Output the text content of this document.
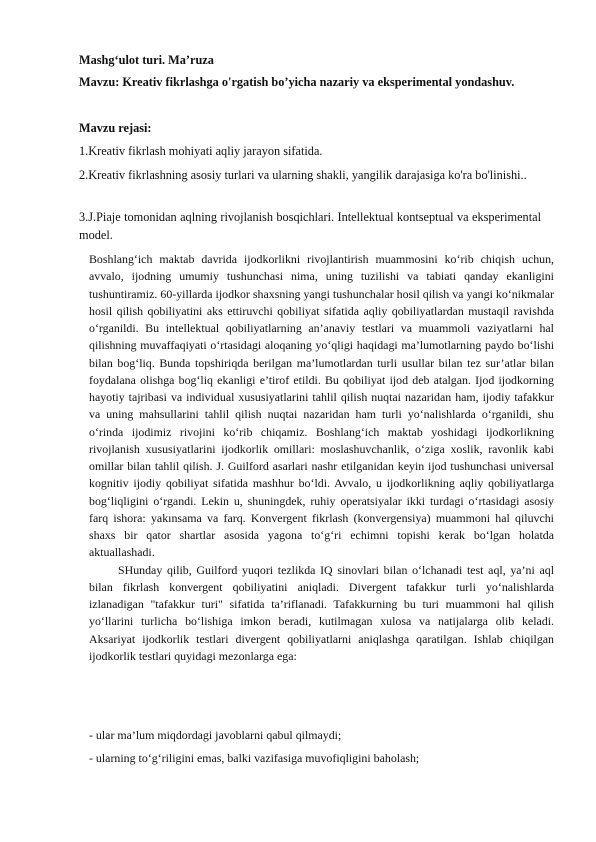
Mashg‘ulot turi. Ma’ruza

Mavzu: Kreativ fikrlashga o'rgatish bo’yicha nazariy va eksperimental yondashuv.

Mavzu rejasi:

1.Kreativ fikrlash mohiyati aqliy jarayon sifatida.

2.Kreativ fikrlashning asosiy turlari va ularning shakli, yangilik darajasiga ko'ra bo'linishi..

3.J.Piaje tomonidan aqlning rivojlanish bosqichlari. Intellektual kontseptual va eksperimental model.

Boshlang‘ich maktab davrida ijodkorlikni rivojlantirish muammosini ko‘rib chiqish uchun, avvalo, ijodning umumiy tushunchasi nima, uning tuzilishi va tabiati qanday ekanligini tushuntiramiz. 60-yillarda ijodkor shaxsning yangi tushunchalar hosil qilish va yangi ko‘nikmalar hosil qilish qobiliyatini aks ettiruvchi qobiliyat sifatida aqliy qobiliyatlardan mustaqil ravishda o‘rganildi. Bu intellektual qobiliyatlarning an’anaviy testlari va muammoli vaziyatlarni hal qilishning muvaffaqiyati o‘rtasidagi aloqaning yo‘qligi haqidagi ma’lumotlarning paydo bo‘lishi bilan bog‘liq. Bunda topshiriqda berilgan ma’lumotlardan turli usullar bilan tez sur’atlar bilan foydalana olishga bog‘liq ekanligi e’tirof etildi. Bu qobiliyat ijod deb atalgan. Ijod ijodkorning hayotiy tajribasi va individual xususiyatlarini tahlil qilish nuqtai nazaridan ham, ijodiy tafakkur va uning mahsullarini tahlil qilish nuqtai nazaridan ham turli yo‘nalishlarda o‘rganildi, shu o‘rinda ijodimiz rivojini ko‘rib chiqamiz. Boshlang‘ich maktab yoshidagi ijodkorlikning rivojlanish xususiyatlarini ijodkorlik omillari: moslashuvchanlik, o‘ziga xoslik, ravonlik kabi omillar bilan tahlil qilish. J. Guilford asarlari nashr etilganidan keyin ijod tushunchasi universal kognitiv ijodiy qobiliyat sifatida mashhur bo‘ldi. Avvalo, u ijodkorlikning aqliy qobiliyatlarga bog‘liqligini o‘rgandi. Lekin u, shuningdek, ruhiy operatsiyalar ikki turdagi o‘rtasidagi asosiy farq ishora: yakınsama va farq. Konvergent fikrlash (konvergensiya) muammoni hal qiluvchi shaxs bir qator shartlar asosida yagona to‘g‘ri echimni topishi kerak bo‘lgan holatda aktuallashadi.

SHunday qilib, Guilford yuqori tezlikda IQ sinovlari bilan o‘lchanadi test aql, ya’ni aql bilan fikrlash konvergent qobiliyatini aniqladi. Divergent tafakkur turli yo‘nalishlarda izlanadigan "tafakkur turi" sifatida ta’riflanadi. Tafakkurning bu turi muammoni hal qilish yo‘llarini turlicha bo‘lishiga imkon beradi, kutilmagan xulosa va natijalarga olib keladi. Aksariyat ijodkorlik testlari divergent qobiliyatlarni aniqlashga qaratilgan. Ishlab chiqilgan ijodkorlik testlari quyidagi mezonlarga ega:

- ular ma’lum miqdordagi javoblarni qabul qilmaydi;

- ularning to‘g‘riligini emas, balki vazifasiga muvofiqligini baholash;
